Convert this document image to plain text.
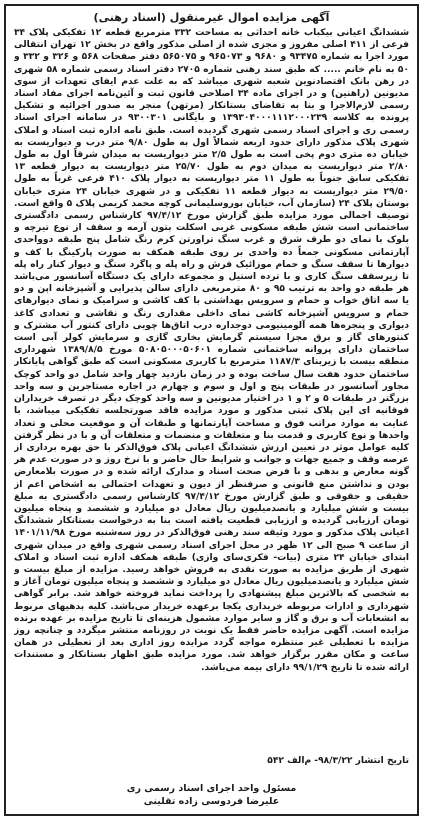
آگهی مزایده اموال غیرمنقول (اسناد رهنی)

ششدانگ اعیانی بیکباب خانه احداثی به مساحت ۳۳۲ مترمربع قطعه ۱۲ تفکیکی پلاک ۳۴ فرعی از ۴۱۱ اصلی مفروز و مجزی شده از اصلی مذکور واقع در بخش ۱۲ تهران انتقالی مورد اجرا به شماره ۹۳۴۷۵ و ۹۶۸۰ و ۹۶۵۰۷۳ و ۵۶۵۰۷۵ دفتر صفحات ۵۶۸ و ۳۲۶ و ۳۳۲ و ۵۰ به نام خانم ..... که طبق سند رهنی شماره ۲۷۰۵ دفتر اسناد رسمی شماره ۵۸ شهری در رهن بانک اقتصادنوین شعبه شهری میباشد که به علت عدم ایفای تعهدات از سوی مدیونین (راهنین) و در اجرای ماده ۳۴ اصلاحی قانون ثبت و آئین‌نامه اجرای مفاد اسناد رسمی لازم‌الاجرا و بنا به تقاضای بستانکار (مرتهن) منجر به صدور اجرائیه و تشکیل پرونده به کلاسه ۱۳۹۳۰۴۰۰۰۱۱۱۲۰۰۰۲۳۹ و بایگانی ۹۳۰۰۳۰۱ در سامانه اجرای اسناد رسمی ری و اجرای اسناد رسمی شهری گردیده است. طبق نامه اداره ثبت اسناد و املاک شهری پلاک مذکور دارای حدود اربعه شمالاً اول به طول ۹/۸۰ متر درب و دیواریست به خیابان ده متری دوم پخی است به طول ۲/۵ متر دیواریست به میدان شرقاً اول به طول ۲/۸۰ متر دیواریست به میدان دوم به طول ۲۵/۷۰ متر دیواریست به دیوار قطعه ۱۳ تفکیکی سابق جنوباً به طول ۱۱ متر دیواریست به دیوار پلاک ۴۱۰ فرعی غرباً به طول ۲۹/۵۰ متر دیواریست به دیوار قطعه ۱۱ تفکیکی و در شهری خیابان ۲۴ متری خیابان بوستان پلاک ۲۴ (سازمان آب، خیابان بوروسلیمانی کوچه محمد کریمی پلاک ۵ واقع است. توصیف اجمالی مورد مزایده طبق گزارش مورخ ۹۷/۴/۱۲ کارشناس رسمی دادگستری ساختمانی است شش طبقه مسکونی غربی اسکلت بتون آرمه و سقف از نوع تیرچه و بلوک با نمای دو طرف شرق و غرب سنگ تراورتن کرم رنگ شامل پنج طبقه دوواحدی آپارتمانی مسکونی جمعاً ده واحدی بر روی طبقه همکف به صورت پارکینگ با کف و دیوارها تا سقف سنگ و حمام موزائیک فرش و راه پله و پاگرد سنگ و دیوار کنار راه پله تا زیرسقف سنگ کاری و با ترده استیل و مجموعه دارای یک دستگاه آسانسور می‌باشد هر طبقه دو واحد به ترتیب ۹۵ و ۸۰ مترمربعی دارای سالن پذیرایی و آشپزخانه اپن و دو یا سه اتاق خواب و حمام و سرویس بهداشتی با کف کاشی و سرامیک و نمای دیوارهای حمام و سرویس آشپزخانه کاشی نمای داخلی مقداری رنگ و نقاشی و تعدادی کاغذ دیواری و پنجره‌ها همه آلومینیومی دوجداره درب اتاق‌ها چوبی دارای کنتور آب مشترک و کنتورهای گاز و برق مجزا سیستم گرمایش بخاری گازی و سرمایش کولر آبی است ساختمان دارای پروانه ساختمانی شماره ۵۰۸۰۵۰۰۰۵۰۶۰۱ مورخ ۱۳۸۹/۸/۵ شهرداری منطقه بیست با زیربنای ۱۱۸۷/۳ مترمربع با کاربری مسکونی است که طبق گواهی پایانکار ساختمان حدود هفت سال ساخت بوده و در زمان بازدید چهار واحد شامل دو واحد کوچک مجاور آسانسور در طبقات پنج و اول و سوم و چهارم در اجاره مستاجرین و سه واحد بزرگتر در طبقات ۵ و ۲ و ۱ در اختیار مدیونین و سه واحد کوچک دیگر در تصرف خریداران فوقانیه ای این پلاک ثبتی مذکور و مورد مزایده فاقد صورتجلسه تفکیکی میباشد، با عنایت به موارد مراتب فوق و مساحت آپارتمانها و طبقات آن و موقعیت محلی و تعداد واحدها و نوع کاربری و قدمت بنا و متعلقات و منضمات و متعلقات آن و با در نظر گرفتن کلیه عوامل موثر در تعیین ارزش ششدانگ اعیانی پلاک فوق‌الذکر با حق بهره برداری از عرصه وقف و جمیع جهات و جوانب و شرایط حال حاضر و با نرخ روز و در صورت عدم هر گونه معارض و بدهی و با فرض صحت اسناد و مدارک ارائه شده و در صورت بلامعارض بودن و نداشتن منع قانونی و صرفنظر از دیون و تعهدات احتمالی به اشخاص اعم از حقیقی و حقوقی و طبق گزارش مورخ ۹۷/۴/۱۲ کارشناس رسمی دادگستری به مبلغ بیست و شش میلیارد و یانصدمیلیون ریال معادل دو میلیارد و ششصد و پنجاه میلیون تومان ارزیابی گردیده و ارزیابی قطعیت یافته است بنا به درخواست بستانکار ششدانگ اعیانی پلاک مذکور و مورد وثیقه سند رهنی فوق‌الذکر در روز سه‌شنبه مورخ ۱۴۰۱/۱۱/۹۸ از ساعت ۹ صبح الی ۱۲ ظهر در محل اجرای اسناد رسمی شهری واقع در میدان شهری ابتدای خیابان ۲۴ متری (بیات- فکری‌سای وازی) طبقه همکف اداره ثبت اسناد و املاک شهری از طریق مزایده به صورت نقدی به فروش خواهد رسید. مزایده از مبلغ بیست و شش میلیارد و یانصدمیلیون ریال معادل دو میلیارد و ششصد و پنجاه میلیون تومان آغاز و به شخصی که بالاترین مبلغ پیشنهادی را پرداخت نماید فروخته خواهد شد. برابر گواهی شهرداری و ادارات مربوطه خریداری یکجا برعهده خریدار می‌باشد. کلیه بدهیهای مربوط به انشعابات آب و برق و گاز و سایر موارد مشمول هزینه‌ای تا تاریخ مزایده بر عهده برنده مزایده است. آگهی مزایده حاضر فقط یک نوبت در روزنامه منتشر میگردد و چنانچه روز مزایده با تعطیلی غیر منتظره مواجه گردد مزایده روز اداری بعد از تعطیلی در همان ساعت و مکان مقرر برگزار خواهد شد. مورد مزایده طبق اظهار بستانکار و مستندات ارائه شده تا تاریخ ۹۹/۱/۲۹ دارای بیمه می‌باشد.

تاریخ انتشار ۹۸/۳/۲۲- م‌الف ۵۴۲

مسئول واحد اجرای اسناد رسمی ری
علیرضا فردوسی زاده تقلینی
